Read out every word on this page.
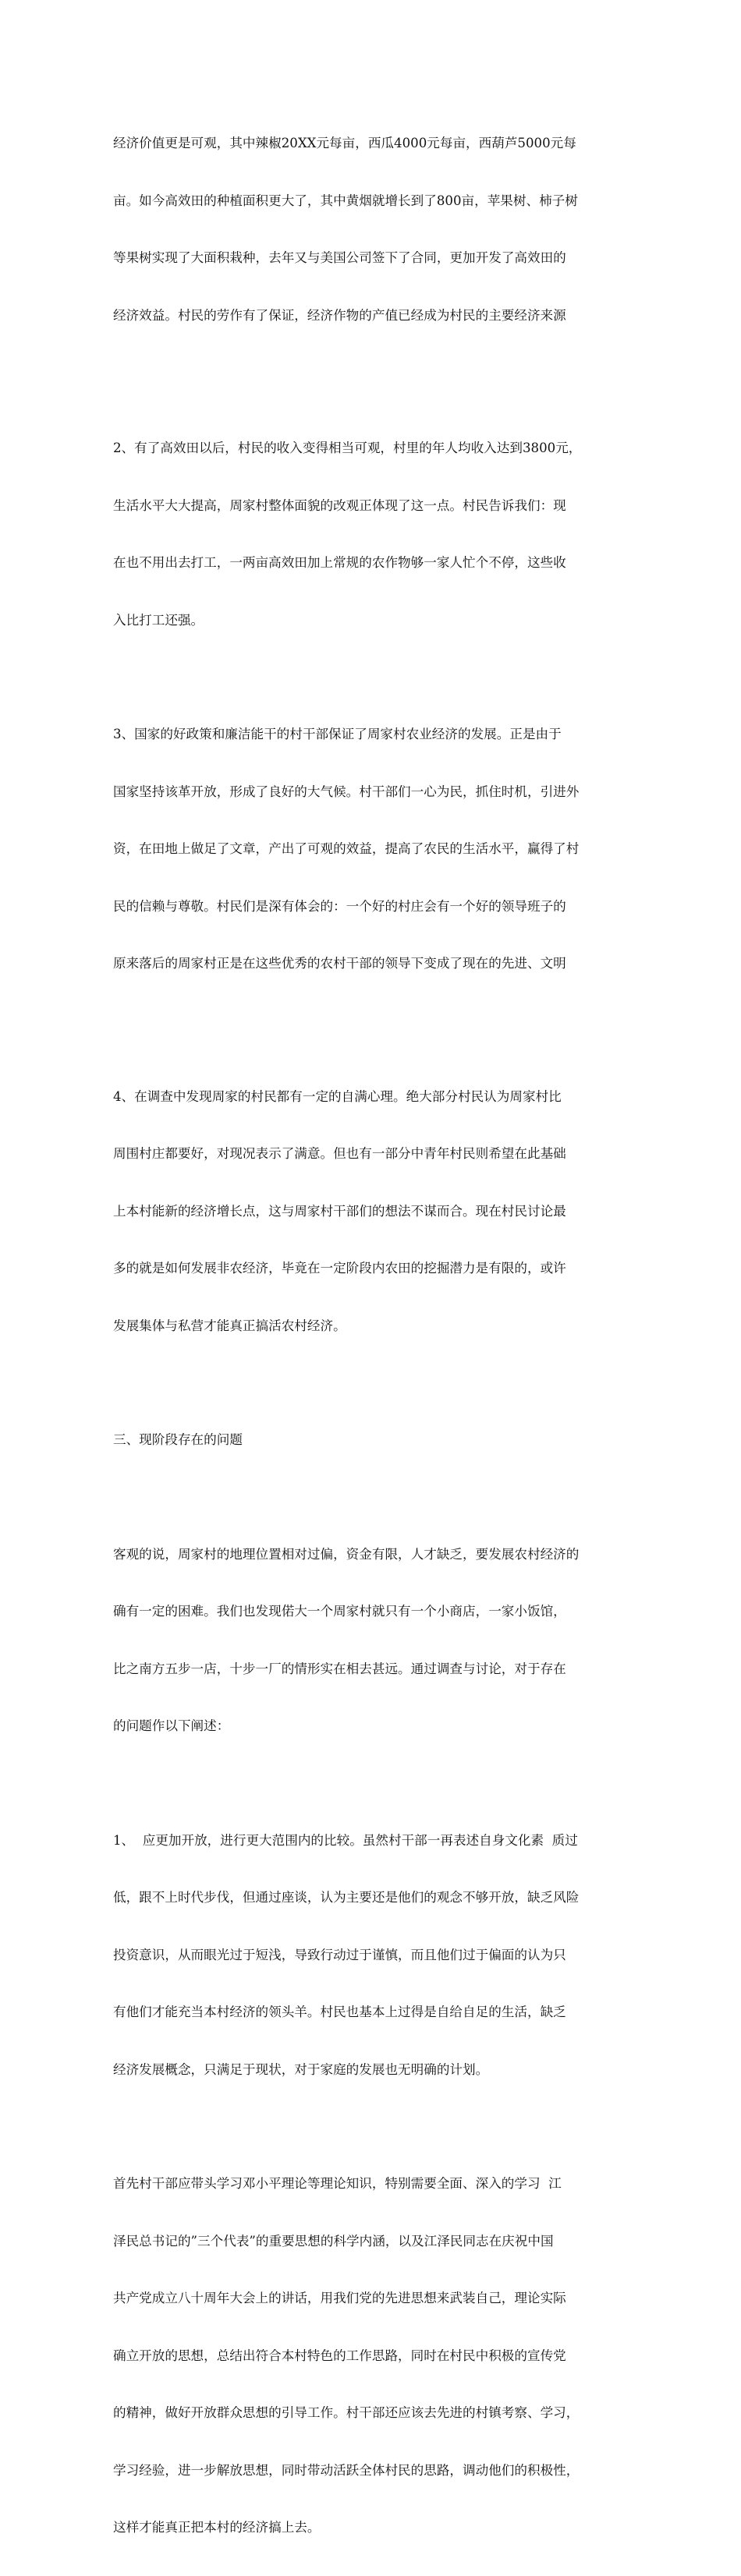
经济价值更是可观，其中辣椒20XX元每亩，西瓜4000元每亩，西葫芦5000元每

亩。如今高效田的种植面积更大了，其中黄烟就增长到了800亩，苹果树、柿子树

等果树实现了大面积栽种，去年又与美国公司签下了合同，更加开发了高效田的

经济效益。村民的劳作有了保证，经济作物的产值已经成为村民的主要经济来源

2、有了高效田以后，村民的收入变得相当可观，村里的年人均收入达到3800元，

生活水平大大提高，周家村整体面貌的改观正体现了这一点。村民告诉我们：现

在也不用出去打工，一两亩高效田加上常规的农作物够一家人忙个不停，这些收

入比打工还强。

3、国家的好政策和廉洁能干的村干部保证了周家村农业经济的发展。正是由于

国家坚持该革开放，形成了良好的大气候。村干部们一心为民，抓住时机，引进外

资，在田地上做足了文章，产出了可观的效益，提高了农民的生活水平，赢得了村

民的信赖与尊敬。村民们是深有体会的：一个好的村庄会有一个好的领导班子的

原来落后的周家村正是在这些优秀的农村干部的领导下变成了现在的先进、文明

4、在调查中发现周家的村民都有一定的自满心理。绝大部分村民认为周家村比

周围村庄都要好，对现况表示了满意。但也有一部分中青年村民则希望在此基础

上本村能新的经济增长点，这与周家村干部们的想法不谋而合。现在村民讨论最

多的就是如何发展非农经济，毕竟在一定阶段内农田的挖掘潜力是有限的，或许

发展集体与私营才能真正搞活农村经济。

三、现阶段存在的问题

客观的说，周家村的地理位置相对过偏，资金有限，人才缺乏，要发展农村经济的

确有一定的困难。我们也发现偌大一个周家村就只有一个小商店，一家小饭馆，

比之南方五步一店，十步一厂的情形实在相去甚远。通过调查与讨论，对于存在

的问题作以下阐述：

1、  应更加开放，进行更大范围内的比较。虽然村干部一再表述自身文化素  质过

低，跟不上时代步伐，但通过座谈，认为主要还是他们的观念不够开放，缺乏风险

投资意识，从而眼光过于短浅，导致行动过于谨慎，而且他们过于偏面的认为只

有他们才能充当本村经济的领头羊。村民也基本上过得是自给自足的生活，缺乏

经济发展概念，只满足于现状，对于家庭的发展也无明确的计划。

首先村干部应带头学习邓小平理论等理论知识，特别需要全面、深入的学习  江

泽民总书记的”三个代表”的重要思想的科学内涵，以及江泽民同志在庆祝中国

共产党成立八十周年大会上的讲话，用我们党的先进思想来武装自己，理论实际

确立开放的思想，总结出符合本村特色的工作思路，同时在村民中积极的宣传党

的精神，做好开放群众思想的引导工作。村干部还应该去先进的村镇考察、学习，

学习经验，进一步解放思想，同时带动活跃全体村民的思路，调动他们的积极性，

这样才能真正把本村的经济搞上去。
